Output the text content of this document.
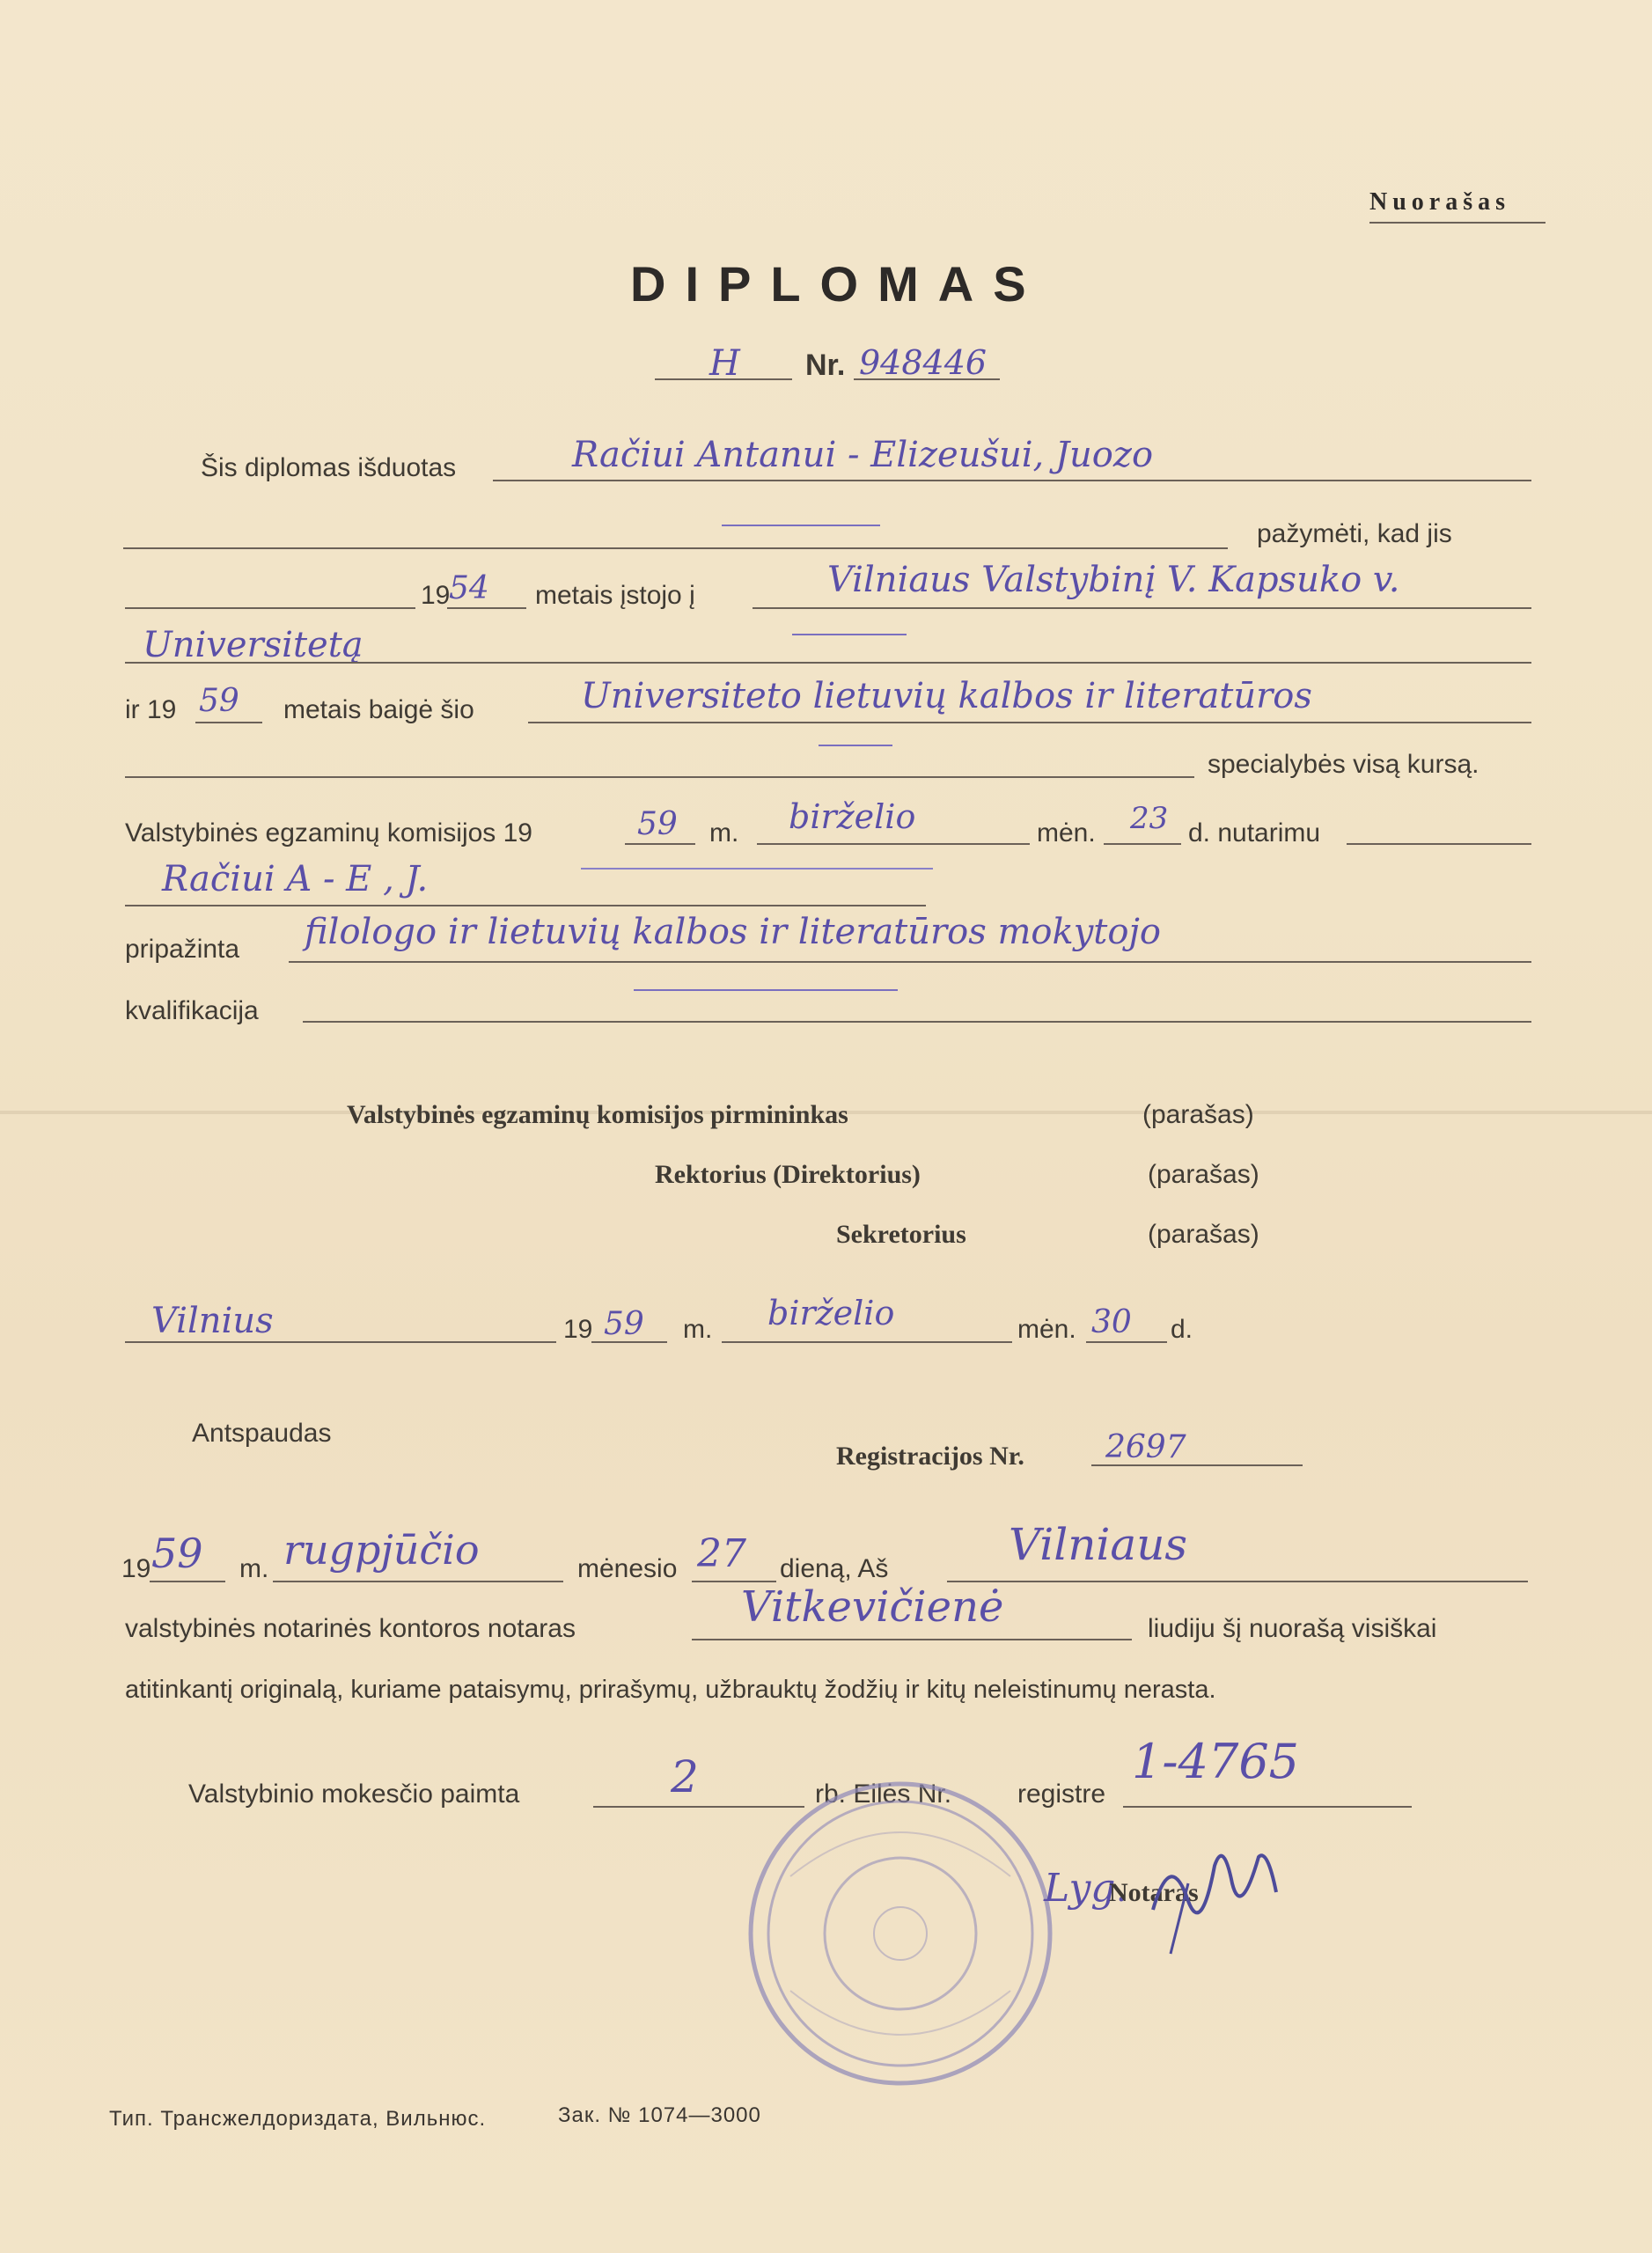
Nuorašas
DIPLOMAS
H Nr. 948446
Šis diplomas išduotas	Račiui Antanui - Elizeušui, Juozo
pažymėti, kad jis
19
54 metais įstojo į	Vilniaus Valstybinį V. Kapsuko v.
Universitetą
ir 19 59 metais baigė šio	Universiteto lietuvių kalbos ir literatūros
specialybės visą kursą.
Valstybinės egzaminų komisijos 19	59 m. birželio	mėn. 23 d. nutarimu
Račiui A - E , J.
pripažinta filologo ir lietuvių kalbos ir literatūros mokytojo
kvalifikacija
Valstybinės egzaminų komisijos pirmininkas	(parašas)
Rektorius (Direktorius)	(parašas)
Sekretorius	(parašas)
Vilnius	19 59 m. birželio	mėn. 30 d.
Antspaudas
Registracijos Nr.	2697
19 59 m. rugpjūčio	mėnesio 27 dieną, Aš	Vilniaus
valstybinės notarinės kontoros notaras	Vitkevičienė	liudiju šį nuorašą visiškai
atitinkantį originalą, kuriame pataisymų, prirašymų, užbrauktų žodžių ir kitų neleistinumų nerasta.
Valstybinio mokesčio paimta	2	rb. Eilės Nr. registre
1-4765
Lyg.
Notaras
Тип. Трансжелдориздата, Вильнюс.	Зак. № 1074—3000
